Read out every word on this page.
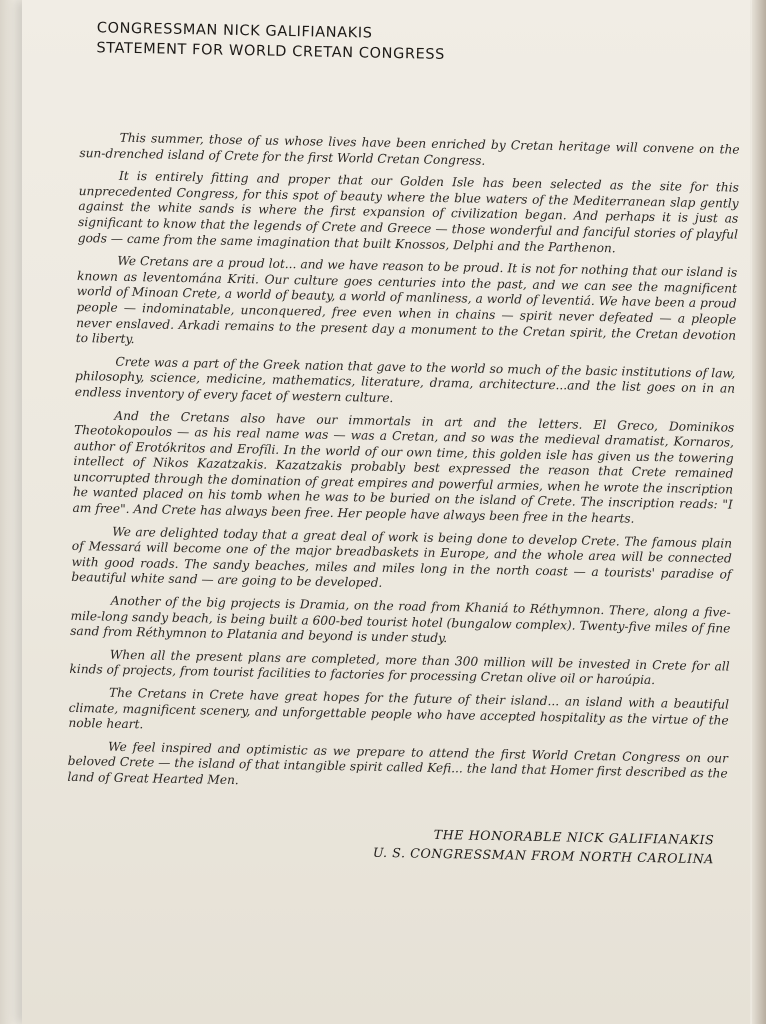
CONGRESSMAN NICK GALIFIANAKIS
STATEMENT FOR WORLD CRETAN CONGRESS

This summer, those of us whose lives have been enriched by Cretan heritage will convene on the sun-drenched island of Crete for the first World Cretan Congress.

It is entirely fitting and proper that our Golden Isle has been selected as the site for this unprecedented Congress, for this spot of beauty where the blue waters of the Mediterranean slap gently against the white sands is where the first expansion of civilization began. And perhaps it is just as significant to know that the legends of Crete and Greece — those wonderful and fanciful stories of playful gods — came from the same imagination that built Knossos, Delphi and the Parthenon.

We Cretans are a proud lot... and we have reason to be proud. It is not for nothing that our island is known as leventomána Kriti. Our culture goes centuries into the past, and we can see the magnificent world of Minoan Crete, a world of beauty, a world of manliness, a world of leventiá. We have been a proud people — indominatable, unconquered, free even when in chains — spirit never defeated — a pleople never enslaved. Arkadi remains to the present day a monument to the Cretan spirit, the Cretan devotion to liberty.

Crete was a part of the Greek nation that gave to the world so much of the basic institutions of law, philosophy, science, medicine, mathematics, literature, drama, architecture...and the list goes on in an endless inventory of every facet of western culture.

And the Cretans also have our immortals in art and the letters. El Greco, Dominikos Theotokopoulos — as his real name was — was a Cretan, and so was the medieval dramatist, Kornaros, author of Erotókritos and Erofíli. In the world of our own time, this golden isle has given us the towering intellect of Nikos Kazatzakis. Kazatzakis probably best expressed the reason that Crete remained uncorrupted through the domination of great empires and powerful armies, when he wrote the inscription he wanted placed on his tomb when he was to be buried on the island of Crete. The inscription reads: "I am free". And Crete has always been free. Her people have always been free in the hearts.

We are delighted today that a great deal of work is being done to develop Crete. The famous plain of Messará will become one of the major breadbaskets in Europe, and the whole area will be connected with good roads. The sandy beaches, miles and miles long in the north coast — a tourists' paradise of beautiful white sand — are going to be developed.

Another of the big projects is Dramia, on the road from Khaniá to Réthymnon. There, along a five-mile-long sandy beach, is being built a 600-bed tourist hotel (bungalow complex). Twenty-five miles of fine sand from Réthymnon to Platania and beyond is under study.

When all the present plans are completed, more than 300 million will be invested in Crete for all kinds of projects, from tourist facilities to factories for processing Cretan olive oil or haroúpia.

The Cretans in Crete have great hopes for the future of their island... an island with a beautiful climate, magnificent scenery, and unforgettable people who have accepted hospitality as the virtue of the noble heart.

We feel inspired and optimistic as we prepare to attend the first World Cretan Congress on our beloved Crete — the island of that intangible spirit called Kefi... the land that Homer first described as the land of Great Hearted Men.

THE HONORABLE NICK GALIFIANAKIS
U. S. CONGRESSMAN FROM NORTH CAROLINA
